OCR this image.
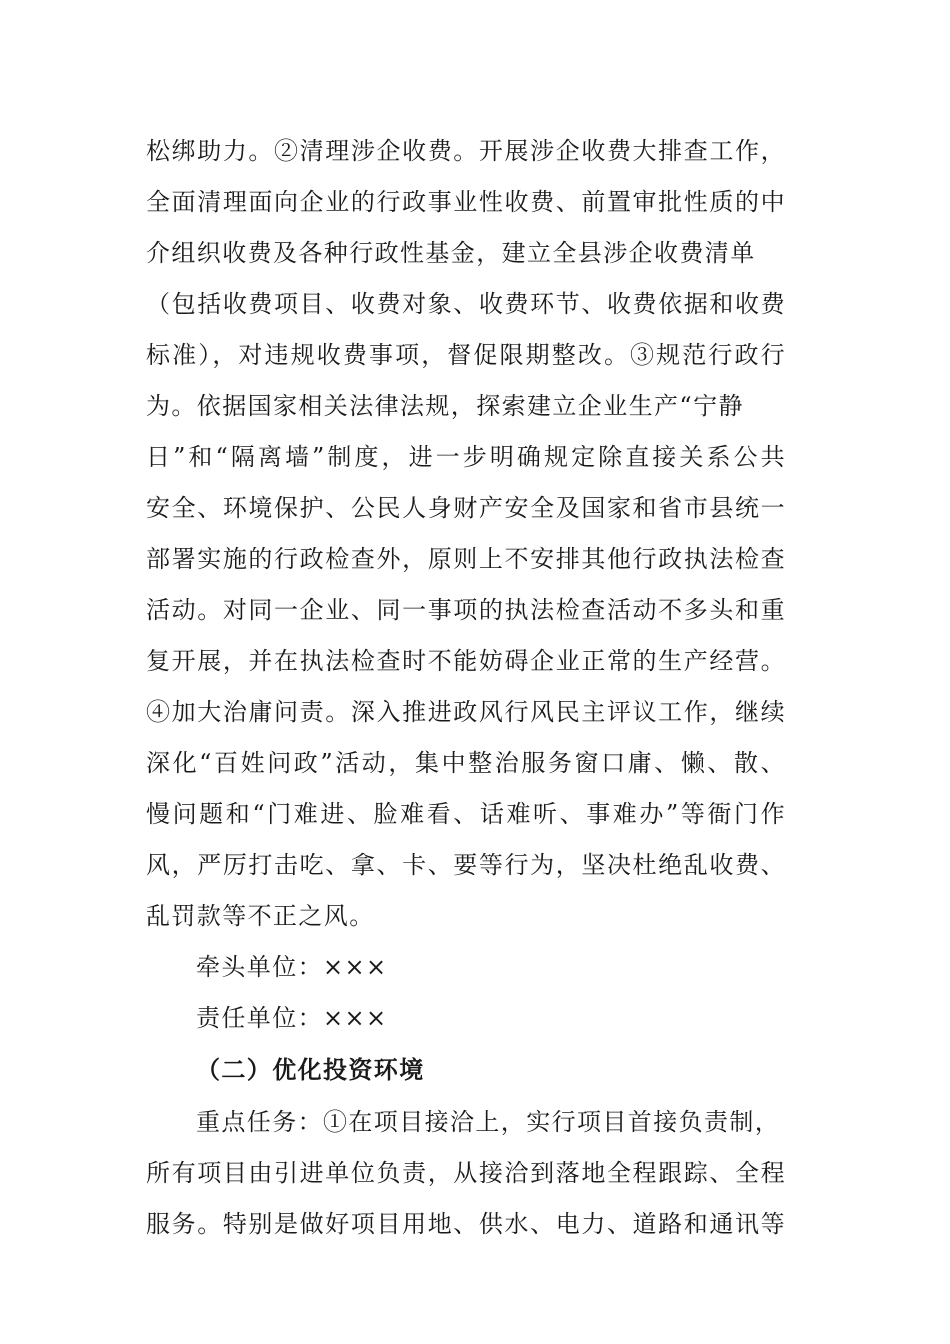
松绑助力。②清理涉企收费。开展涉企收费大排查工作，
全面清理面向企业的行政事业性收费、前置审批性质的中
介组织收费及各种行政性基金，建立全县涉企收费清单
（包括收费项目、收费对象、收费环节、收费依据和收费
标准），对违规收费事项，督促限期整改。③规范行政行
为。依据国家相关法律法规，探索建立企业生产“宁静
日”和“隔离墙”制度，进一步明确规定除直接关系公共
安全、环境保护、公民人身财产安全及国家和省市县统一
部署实施的行政检查外，原则上不安排其他行政执法检查
活动。对同一企业、同一事项的执法检查活动不多头和重
复开展，并在执法检查时不能妨碍企业正常的生产经营。
④加大治庸问责。深入推进政风行风民主评议工作，继续
深化“百姓问政”活动，集中整治服务窗口庸、懒、散、
慢问题和“门难进、脸难看、话难听、事难办”等衙门作
风，严厉打击吃、拿、卡、要等行为，坚决杜绝乱收费、
乱罚款等不正之风。
牵头单位：×××
责任单位：×××
（二）优化投资环境
重点任务：①在项目接洽上，实行项目首接负责制，
所有项目由引进单位负责，从接洽到落地全程跟踪、全程
服务。特别是做好项目用地、供水、电力、道路和通讯等
